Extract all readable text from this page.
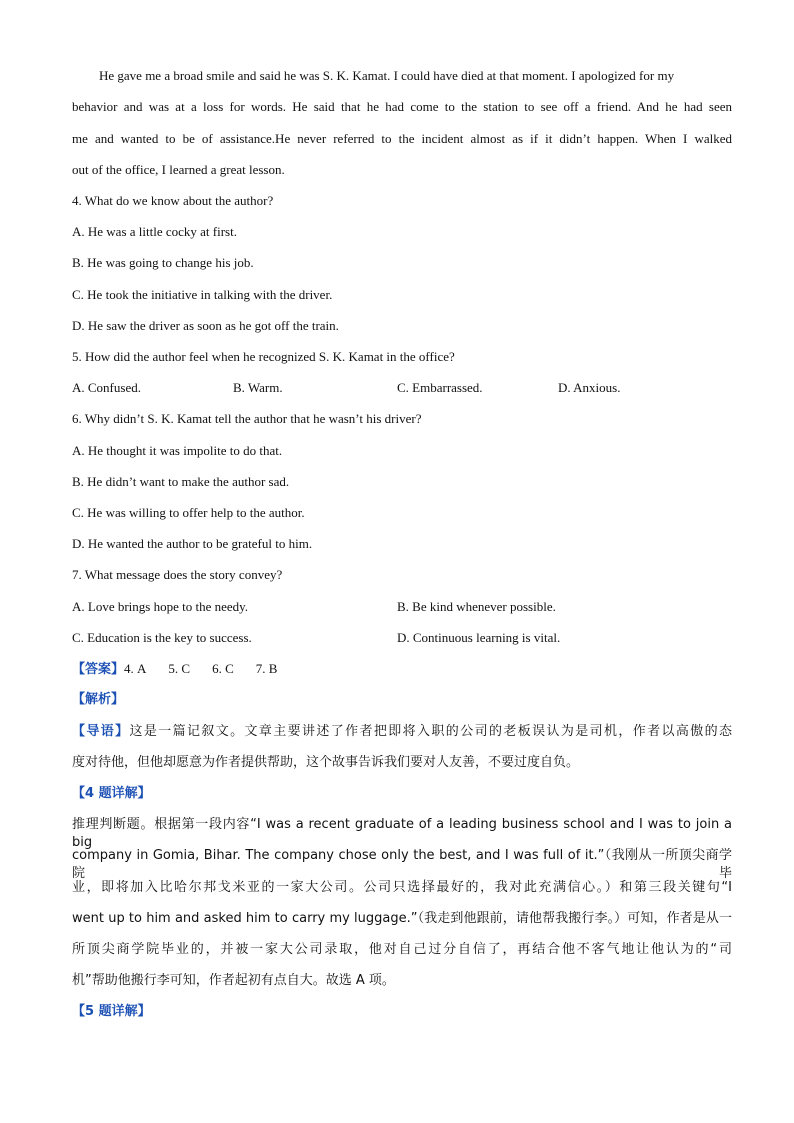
He gave me a broad smile and said he was S. K. Kamat. I could have died at that moment. I apologized for my
behavior and was at a loss for words. He said that he had come to the station to see off a friend. And he had seen
me and wanted to be of assistance.He never referred to the incident almost as if it didn’t happen. When I walked
out of the office, I learned a great lesson.
4. What do we know about the author?
A. He was a little cocky at first.
B. He was going to change his job.
C. He took the initiative in talking with the driver.
D. He saw the driver as soon as he got off the train.
5. How did the author feel when he recognized S. K. Kamat in the office?
A. Confused.	B. Warm.	C. Embarrassed.	D. Anxious.
6. Why didn’t S. K. Kamat tell the author that he wasn’t his driver?
A. He thought it was impolite to do that.
B. He didn’t want to make the author sad.
C. He was willing to offer help to the author.
D. He wanted the author to be grateful to him.
7. What message does the story convey?
A. Love brings hope to the needy.	B. Be kind whenever possible.
C. Education is the key to success.	D. Continuous learning is vital.
【答案】4. A 5. C 6. C 7. B
【解析】
【导语】这是一篇记叙文。文章主要讲述了作者把即将入职的公司的老板误认为是司机，作者以高傲的态
度对待他，但他却愿意为作者提供帮助，这个故事告诉我们要对人友善，不要过度自负。
【4 题详解】
推理判断题。根据第一段内容“I was a recent graduate of a leading business school and I was to join a big
company in Gomia, Bihar. The company chose only the best, and I was full of it.”（我刚从一所顶尖商学院毕
业，即将加入比哈尔邦戈米亚的一家大公司。公司只选择最好的，我对此充满信心。）和第三段关键句“I
went up to him and asked him to carry my luggage.”（我走到他跟前，请他帮我搬行李。）可知，作者是从一
所顶尖商学院毕业的，并被一家大公司录取，他对自己过分自信了，再结合他不客气地让他认为的“司
机”帮助他搬行李可知，作者起初有点自大。故选 A 项。
【5 题详解】
